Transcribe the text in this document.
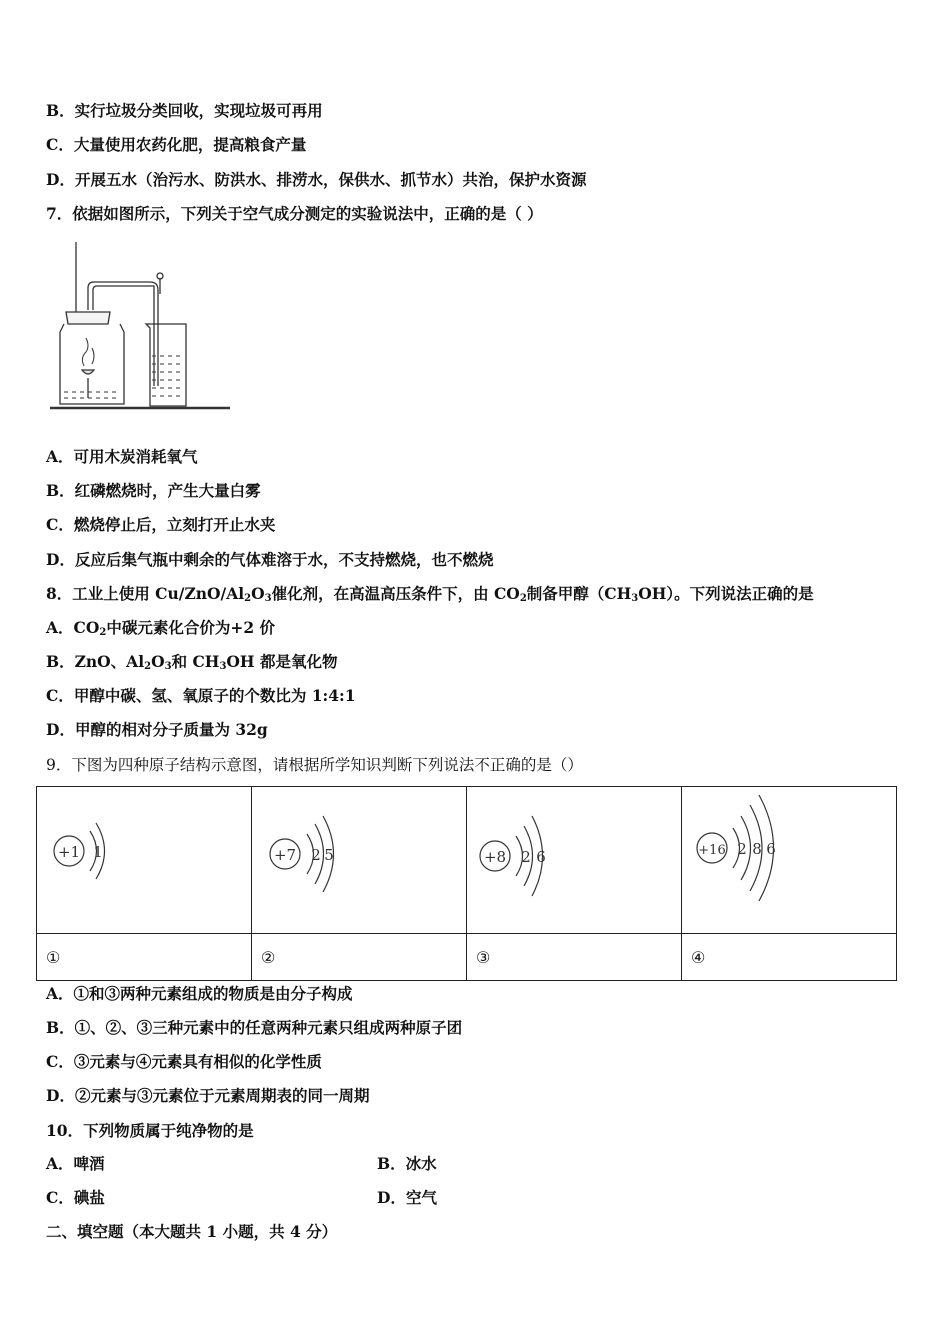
B．实行垃圾分类回收，实现垃圾可再用
C．大量使用农药化肥，提高粮食产量
D．开展五水（治污水、防洪水、排涝水，保供水、抓节水）共治，保护水资源
7．依据如图所示，下列关于空气成分测定的实验说法中，正确的是（ ）
A．可用木炭消耗氧气
B．红磷燃烧时，产生大量白雾
C．燃烧停止后，立刻打开止水夹
D．反应后集气瓶中剩余的气体难溶于水，不支持燃烧，也不燃烧
8．工业上使用 $Cu/ZnO/Al_2O_3$催化剂，在高温高压条件下，由 $CO_2$制备甲醇$(CH_3OH)$。下列说法正确的是
A．$CO_2$中碳元素化合价为+2 价
B．ZnO、$Al_2O_3$和 $CH_3OH$ 都是氧化物
C．甲醇中碳、氢、氧原子的个数比为 1:4:1
D．甲醇的相对分子质量为 32g
9．下图为四种原子结构示意图，请根据所学知识判断下列说法不正确的是（）
+1 1	+7 2 5	+8 2 6	+16 2 8 6

①	②	③	④
A．①和③两种元素组成的物质是由分子构成
B．①、②、③三种元素中的任意两种元素只组成两种原子团
C．③元素与④元素具有相似的化学性质
D．②元素与③元素位于元素周期表的同一周期
10．下列物质属于纯净物的是
A．啤酒	B．冰水
C．碘盐	D．空气
二、填空题（本大题共 1 小题，共 4 分）
